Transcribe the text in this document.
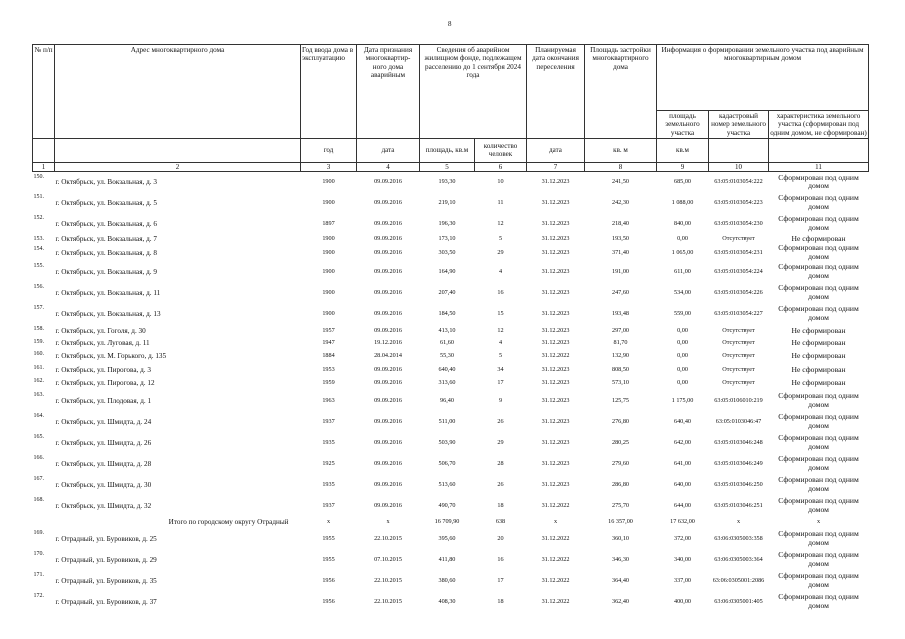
8
№ п/п	Адрес многоквартирного дома	Год ввода дома в эксплуатацию	Дата признания многоквартир- ного дома аварийным	Сведения об аварийном жилищном фонде, подлежащем расселению до 1 сентября 2024 года		Планируемая дата окончания переселения	Площадь застройки многоквартирного дома	Информация о формировании земельного участка под аварийным многоквартирным домом		
								площадь земельного участка	кадастровый номер земельного участка	характеристика земельного участка (сформирован под одним домом, не сформирован)
		год	дата	площадь, кв.м	количество человек	дата	кв. м	кв.м		
1	2	3	4	5	6	7	8	9	10	11
150.	г. Октябрьск, ул. Вокзальная, д. 3	1900	09.09.2016	193,30	10	31.12.2023	241,50	685,00	63:05:0103054:222	Сформирован под одним домом
151.	г. Октябрьск, ул. Вокзальная, д. 5	1900	09.09.2016	219,10	11	31.12.2023	242,30	1 088,00	63:05:0103054:223	Сформирован под одним домом
152.	г. Октябрьск, ул. Вокзальная, д. 6	1897	09.09.2016	196,30	12	31.12.2023	218,40	840,00	63:05:0103054:230	Сформирован под одним домом
153.	г. Октябрьск, ул. Вокзальная, д. 7	1900	09.09.2016	173,10	5	31.12.2023	193,50	0,00	Отсутствует	Не сформирован
154.	г. Октябрьск, ул. Вокзальная, д. 8	1900	09.09.2016	303,50	29	31.12.2023	371,40	1 065,00	63:05:0103054:231	Сформирован под одним домом
155.	г. Октябрьск, ул. Вокзальная, д. 9	1900	09.09.2016	164,90	4	31.12.2023	191,00	611,00	63:05:0103054:224	Сформирован под одним домом
156.	г. Октябрьск, ул. Вокзальная, д. 11	1900	09.09.2016	207,40	16	31.12.2023	247,60	534,00	63:05:0103054:226	Сформирован под одним домом
157.	г. Октябрьск, ул. Вокзальная, д. 13	1900	09.09.2016	184,50	15	31.12.2023	193,48	559,00	63:05:0103054:227	Сформирован под одним домом
158.	г. Октябрьск, ул. Гоголя, д. 30	1957	09.09.2016	413,10	12	31.12.2023	297,00	0,00	Отсутствует	Не сформирован
159.	г. Октябрьск, ул. Луговая, д. 11	1947	19.12.2016	61,60	4	31.12.2023	81,70	0,00	Отсутствует	Не сформирован
160.	г. Октябрьск, ул. М. Горького, д. 135	1884	28.04.2014	55,30	5	31.12.2022	132,90	0,00	Отсутствует	Не сформирован
161.	г. Октябрьск, ул. Пирогова, д. 3	1953	09.09.2016	640,40	34	31.12.2023	808,50	0,00	Отсутствует	Не сформирован
162.	г. Октябрьск, ул. Пирогова, д. 12	1959	09.09.2016	313,60	17	31.12.2023	573,10	0,00	Отсутствует	Не сформирован
163.	г. Октябрьск, ул. Плодовая, д. 1	1963	09.09.2016	96,40	9	31.12.2023	125,75	1 175,00	63:05:0106010:219	Сформирован под одним домом
164.	г. Октябрьск, ул. Шмидта, д. 24	1937	09.09.2016	511,00	26	31.12.2023	276,80	640,40	63:05:0103046:47	Сформирован под одним домом
165.	г. Октябрьск, ул. Шмидта, д. 26	1935	09.09.2016	503,90	29	31.12.2023	280,25	642,00	63:05:0103046:248	Сформирован под одним домом
166.	г. Октябрьск, ул. Шмидта, д. 28	1925	09.09.2016	506,70	28	31.12.2023	279,60	641,00	63:05:0103046:249	Сформирован под одним домом
167.	г. Октябрьск, ул. Шмидта, д. 30	1935	09.09.2016	513,60	26	31.12.2023	286,80	640,00	63:05:0103046:250	Сформирован под одним домом
168.	г. Октябрьск, ул. Шмидта, д. 32	1937	09.09.2016	490,70	18	31.12.2022	275,70	644,00	63:05:0103046:251	Сформирован под одним домом
Итого по городскому округу Отрадный		x	x	16 709,90	638	x	16 357,00	17 632,00	x	x
169.	г. Отрадный, ул. Буровиков, д. 25	1955	22.10.2015	395,60	20	31.12.2022	360,10	372,00	63:06:0305003:358	Сформирован под одним домом
170.	г. Отрадный, ул. Буровиков, д. 29	1955	07.10.2015	411,80	16	31.12.2022	346,30	340,00	63:06:0305003:364	Сформирован под одним домом
171.	г. Отрадный, ул. Буровиков, д. 35	1956	22.10.2015	380,60	17	31.12.2022	364,40	337,00	63:06:0305001:2086	Сформирован под одним домом
172.	г. Отрадный, ул. Буровиков, д. 37	1956	22.10.2015	408,30	18	31.12.2022	362,40	400,00	63:06:0305001:405	Сформирован под одним домом
